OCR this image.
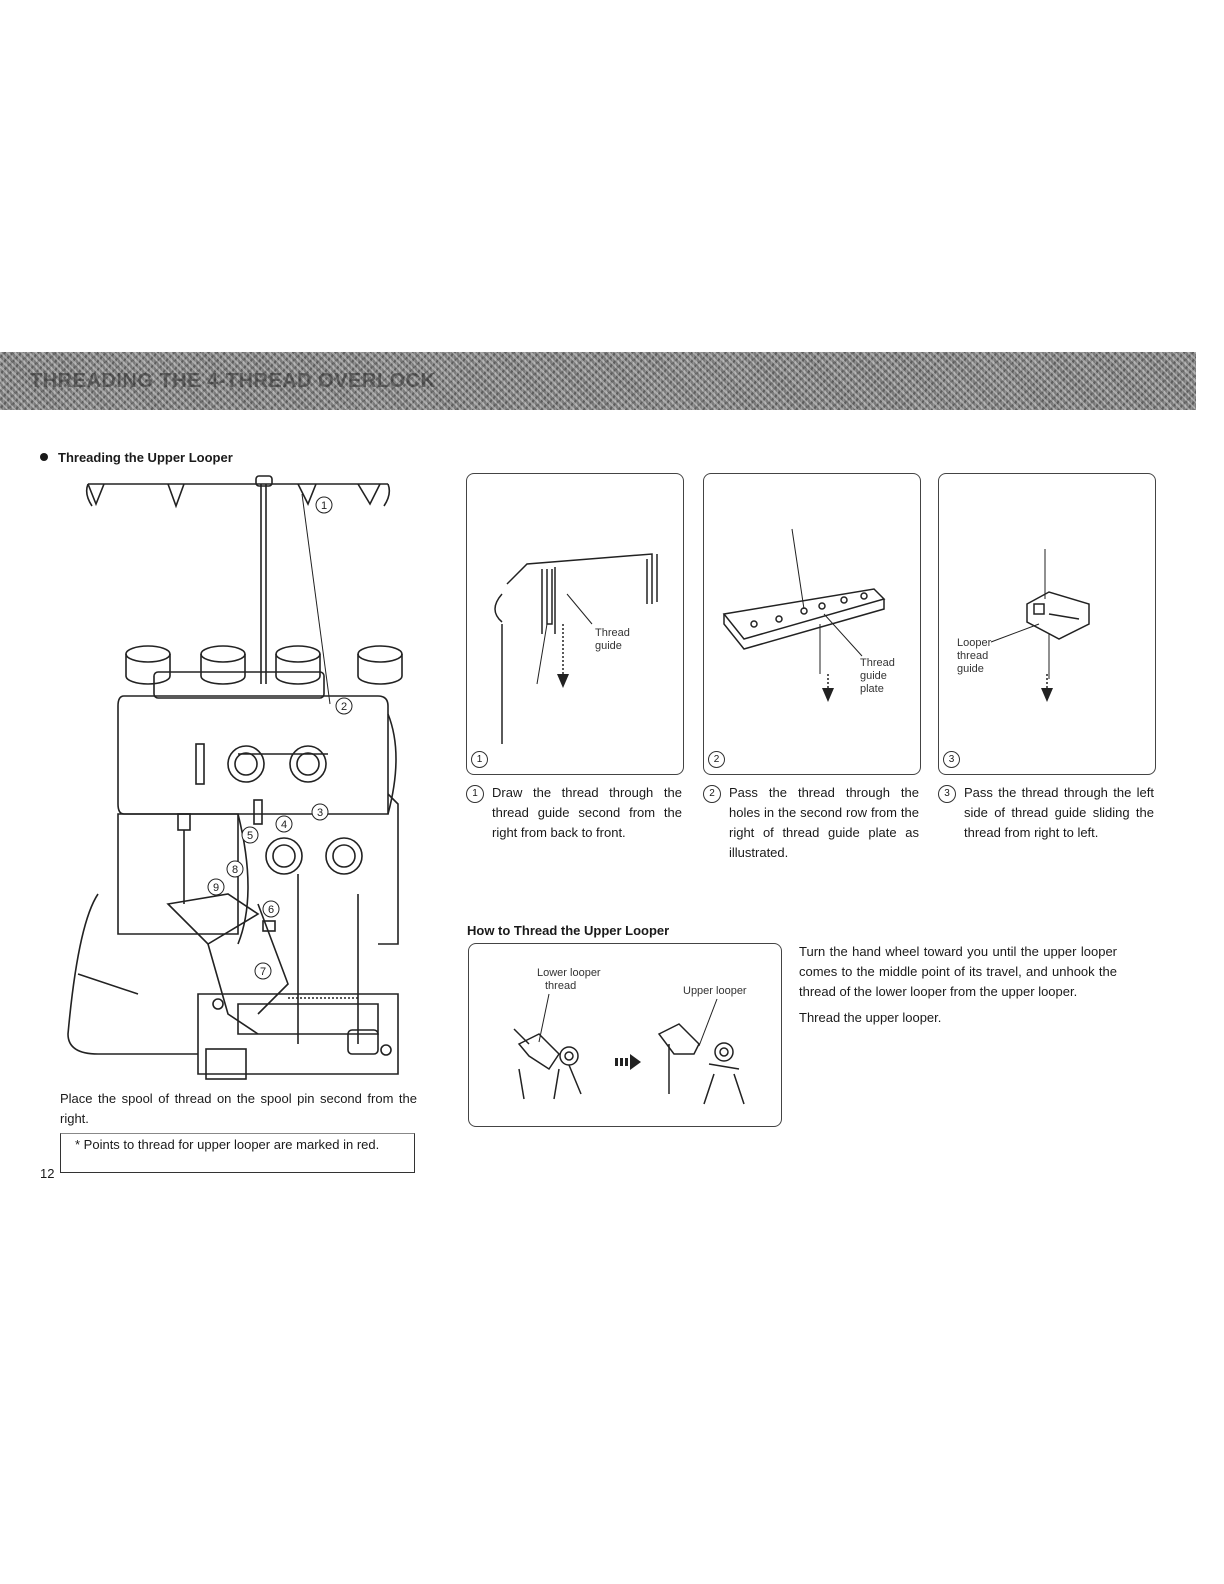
THREADING THE 4-THREAD OVERLOCK
Threading the Upper Looper
1
2
3
4
5
6
7
8
9
Place the spool of thread on the spool pin second from the right.
* Points to thread for upper looper are marked in red.
12
Thread
guide
1
Thread
guide
plate
2
Looper
thread
guide
3
1 Draw the thread through the thread guide second from the right from back to front.
2 Pass the thread through the holes in the second row from the right of thread guide plate as illustrated.
3 Pass the thread through the left side of thread guide sliding the thread from right to left.
How to Thread the Upper Looper
Lower looper
thread	Upper looper

Turn the hand wheel toward you until the upper looper comes to the middle point of its travel, and unhook the thread of the lower looper from the upper looper.

Thread the upper looper.
